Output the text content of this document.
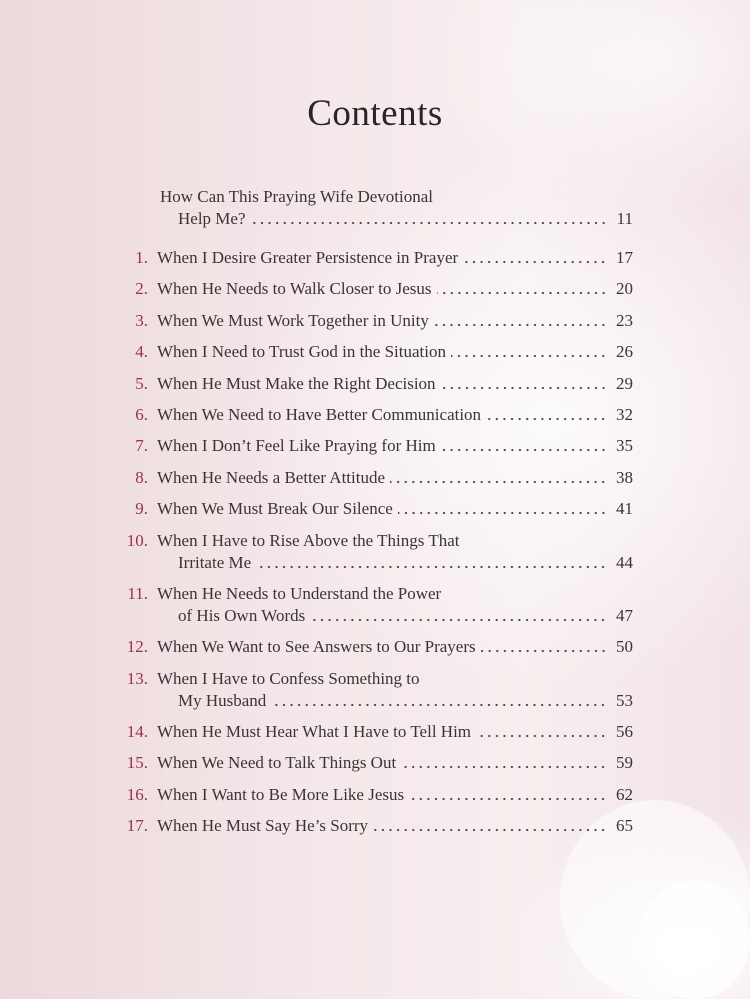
Contents
How Can This Praying Wife Devotional
Help Me?	11
1. When I Desire Greater Persistence in Prayer	17
2. When He Needs to Walk Closer to Jesus	20
3. When We Must Work Together in Unity	23
4. When I Need to Trust God in the Situation	26
5. When He Must Make the Right Decision	29
6. When We Need to Have Better Communication	32
7. When I Don’t Feel Like Praying for Him	35
8. When He Needs a Better Attitude	38
9. When We Must Break Our Silence	41
10. When I Have to Rise Above the Things That
Irritate Me	44
11. When He Needs to Understand the Power
of His Own Words	47
12. When We Want to See Answers to Our Prayers	50
13. When I Have to Confess Something to
My Husband	53
14. When He Must Hear What I Have to Tell Him	56
15. When We Need to Talk Things Out	59
16. When I Want to Be More Like Jesus	62
17. When He Must Say He’s Sorry	65
